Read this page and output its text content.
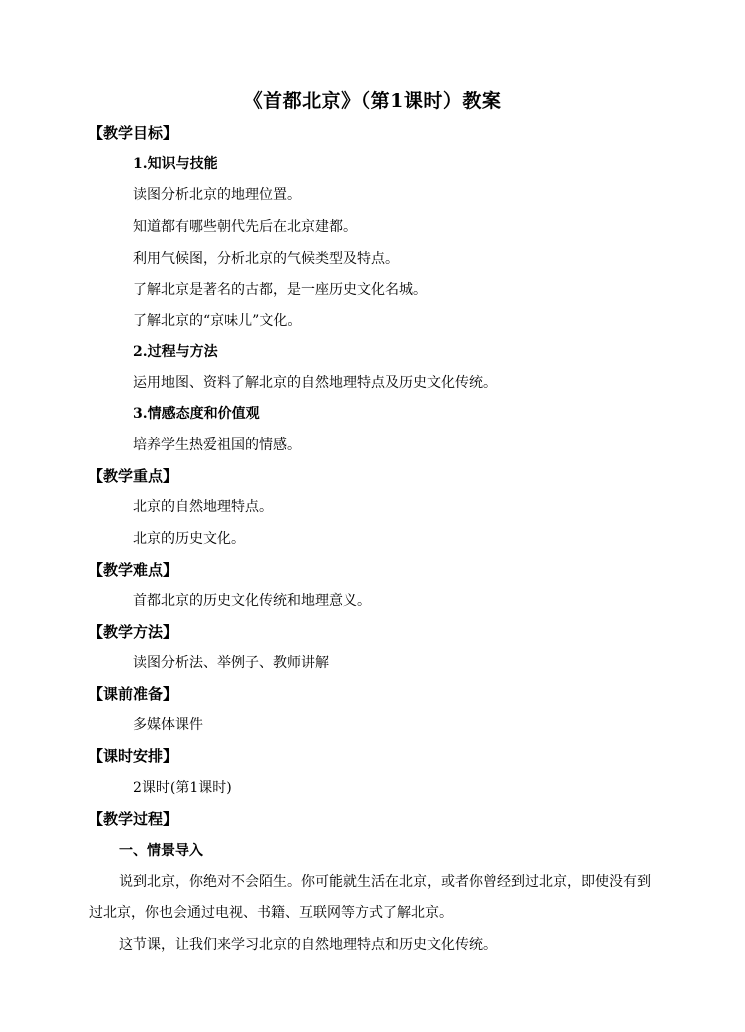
《首都北京》（第1课时）教案
【教学目标】
1.知识与技能
读图分析北京的地理位置。
知道都有哪些朝代先后在北京建都。
利用气候图，分析北京的气候类型及特点。
了解北京是著名的古都，是一座历史文化名城。
了解北京的“京味儿”文化。
2.过程与方法
运用地图、资料了解北京的自然地理特点及历史文化传统。
3.情感态度和价值观
培养学生热爱祖国的情感。
【教学重点】
北京的自然地理特点。
北京的历史文化。
【教学难点】
首都北京的历史文化传统和地理意义。
【教学方法】
读图分析法、举例子、教师讲解
【课前准备】
多媒体课件
【课时安排】
2课时(第1课时)
【教学过程】
一、情景导入
说到北京，你绝对不会陌生。你可能就生活在北京，或者你曾经到过北京，即使没有到
过北京，你也会通过电视、书籍、互联网等方式了解北京。
这节课，让我们来学习北京的自然地理特点和历史文化传统。
